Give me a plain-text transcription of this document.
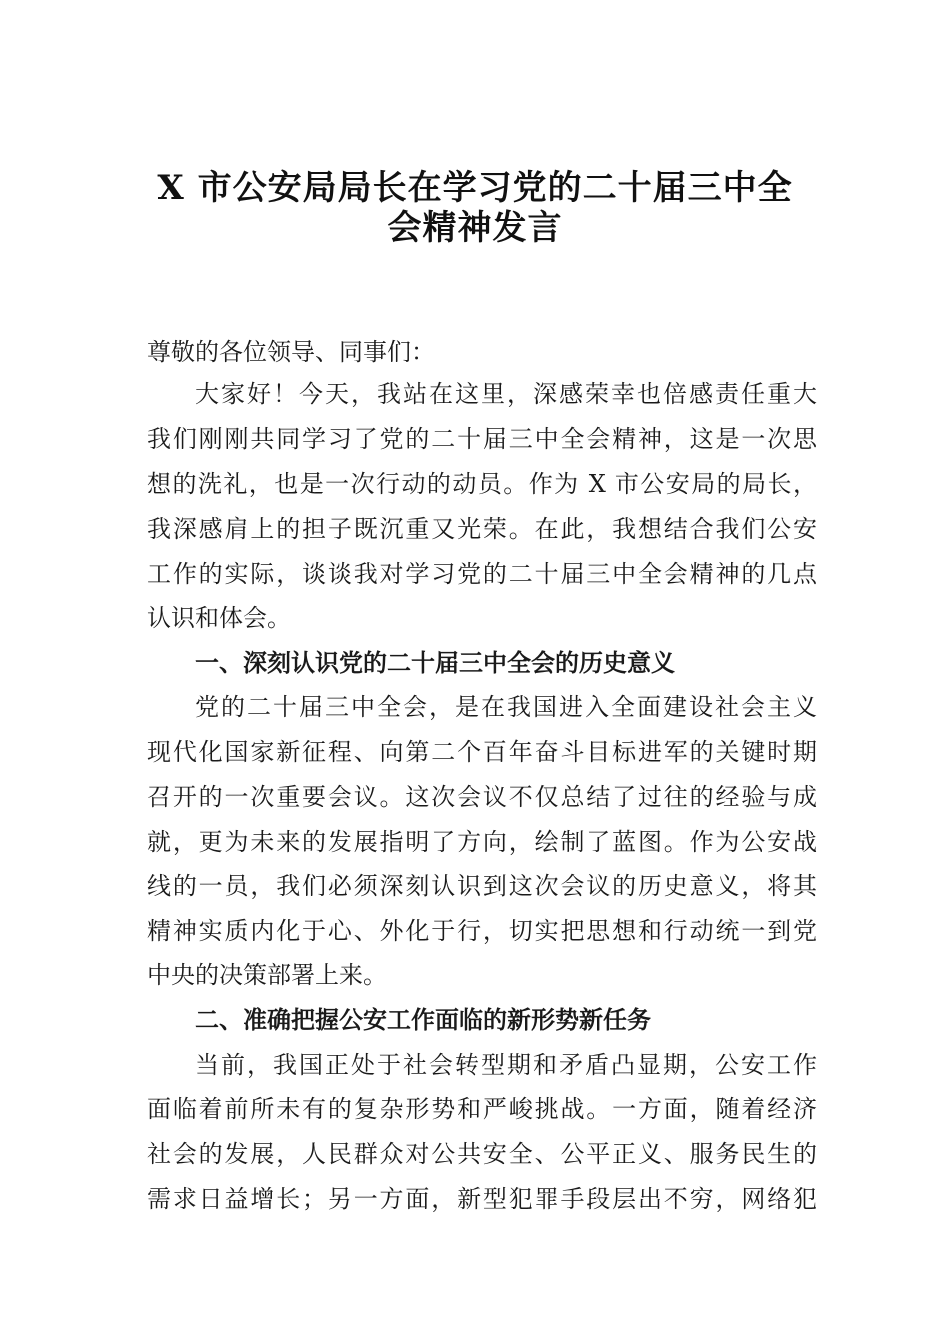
X 市公安局局长在学习党的二十届三中全
会精神发言
尊敬的各位领导、同事们：
大家好！今天，我站在这里，深感荣幸也倍感责任重大
我们刚刚共同学习了党的二十届三中全会精神，这是一次思
想的洗礼，也是一次行动的动员。作为 X 市公安局的局长，
我深感肩上的担子既沉重又光荣。在此，我想结合我们公安
工作的实际，谈谈我对学习党的二十届三中全会精神的几点
认识和体会。
一、深刻认识党的二十届三中全会的历史意义
党的二十届三中全会，是在我国进入全面建设社会主义
现代化国家新征程、向第二个百年奋斗目标进军的关键时期
召开的一次重要会议。这次会议不仅总结了过往的经验与成
就，更为未来的发展指明了方向，绘制了蓝图。作为公安战
线的一员，我们必须深刻认识到这次会议的历史意义，将其
精神实质内化于心、外化于行，切实把思想和行动统一到党
中央的决策部署上来。
二、准确把握公安工作面临的新形势新任务
当前，我国正处于社会转型期和矛盾凸显期，公安工作
面临着前所未有的复杂形势和严峻挑战。一方面，随着经济
社会的发展，人民群众对公共安全、公平正义、服务民生的
需求日益增长；另一方面，新型犯罪手段层出不穷，网络犯
